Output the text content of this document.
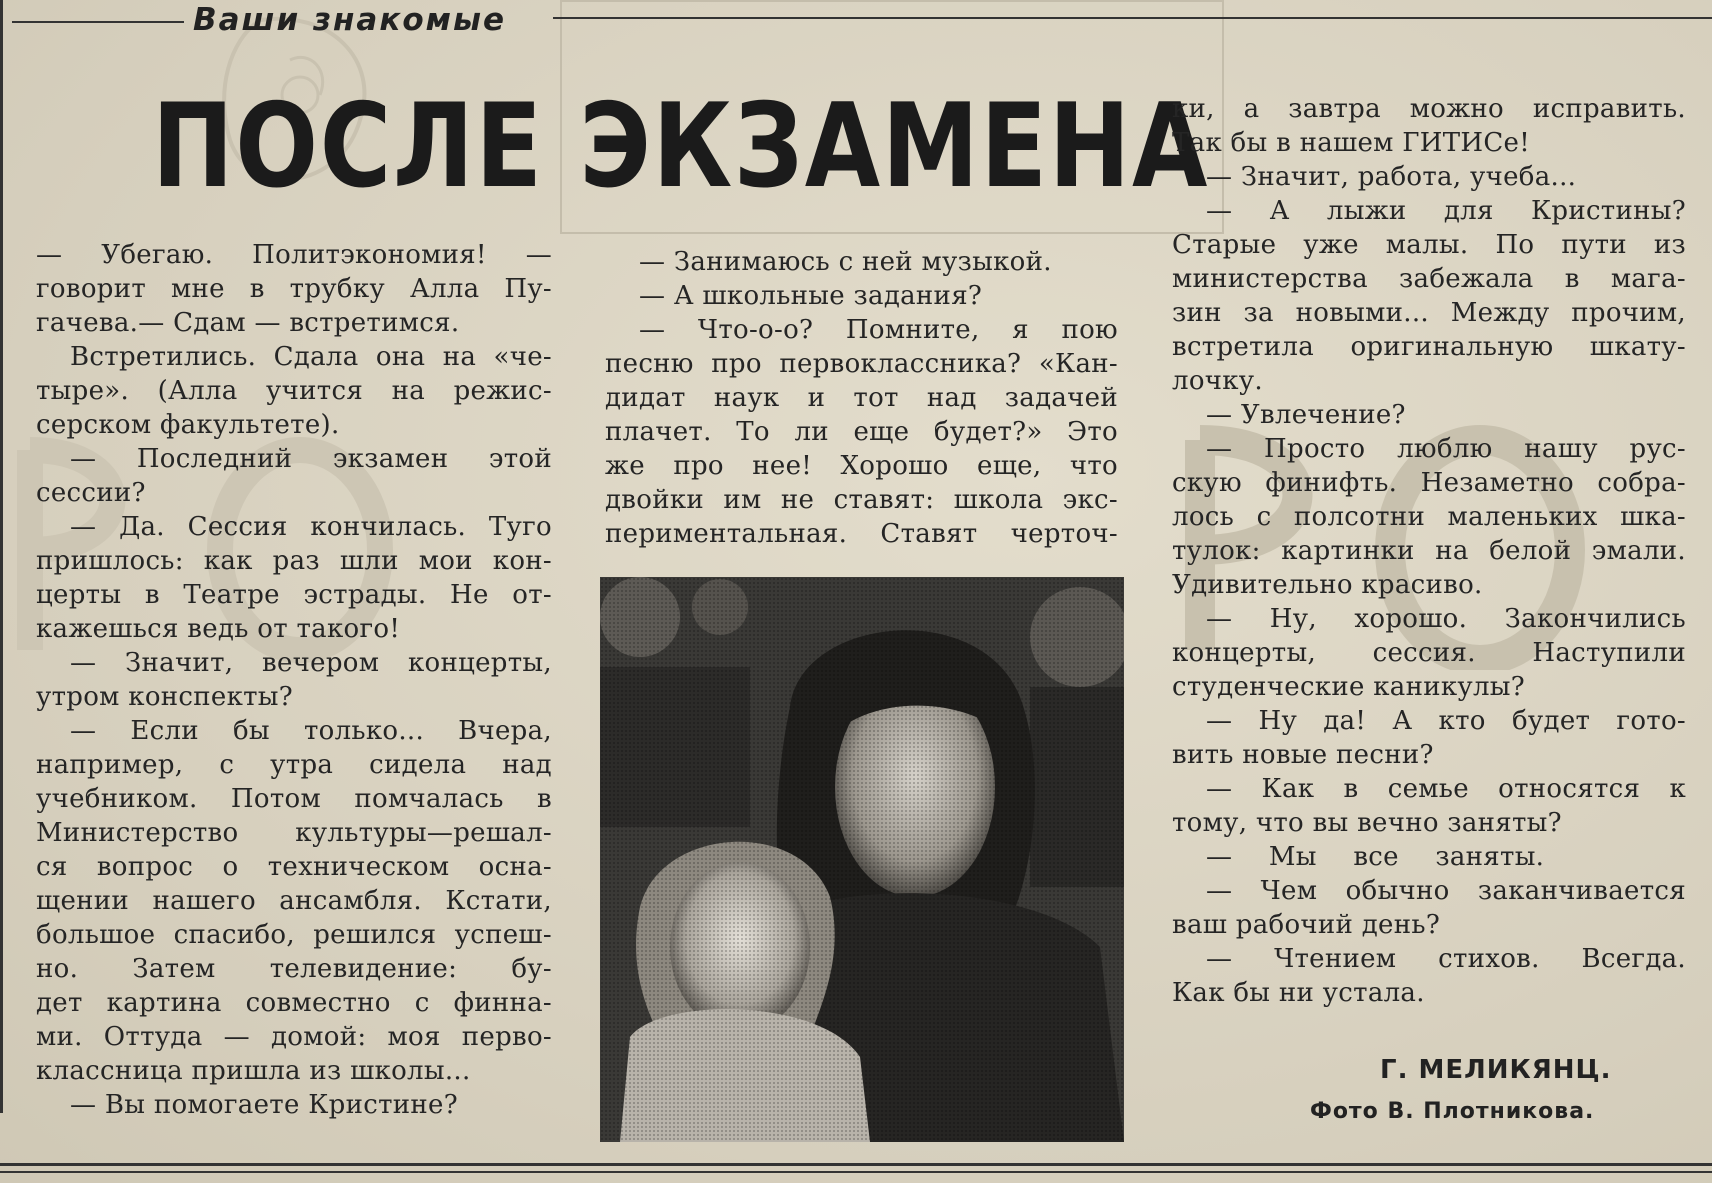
Ваши знакомые
ПОСЛЕ ЭКЗАМЕНА

— Убегаю. Политэкономия! —

говорит мне в трубку Алла Пу-

гачева.— Сдам — встретимся.

Встретились. Сдала она на «че-

тыре». (Алла учится на режис-

серском факультете).

— Последний экзамен этой

сессии?

— Да. Сессия кончилась. Туго

пришлось: как раз шли мои кон-

церты в Театре эстрады. Не от-

кажешься ведь от такого!

— Значит, вечером концерты,

утром конспекты?

— Если бы только... Вчера,

например, с утра сидела над

учебником. Потом помчалась в

Министерство культуры—решал-

ся вопрос о техническом осна-

щении нашего ансамбля. Кстати,

большое спасибо, решился успеш-

но. Затем телевидение: бу-

дет картина совместно с финна-

ми. Оттуда — домой: моя перво-

классница пришла из школы...

— Вы помогаете Кристине?

— Занимаюсь с ней музыкой.

— А школьные задания?

— Что-о-о? Помните, я пою

песню про первоклассника? «Кан-

дидат наук и тот над задачей

плачет. То ли еще будет?» Это

же про нее! Хорошо еще, что

двойки им не ставят: школа экс-

периментальная. Ставят черточ-

ки, а завтра можно исправить.

Так бы в нашем ГИТИСе!

— Значит, работа, учеба...

— А лыжи для Кристины?

Старые уже малы. По пути из

министерства забежала в мага-

зин за новыми... Между прочим,

встретила оригинальную шкату-

лочку.

— Увлечение?

— Просто люблю нашу рус-

скую финифть. Незаметно собра-

лось с полсотни маленьких шка-

тулок: картинки на белой эмали.

Удивительно красиво.

— Ну, хорошо. Закончились

концерты, сессия. Наступили

студенческие каникулы?

— Ну да! А кто будет гото-

вить новые песни?

— Как в семье относятся к

тому, что вы вечно заняты?

— Мы все заняты.

— Чем обычно заканчивается

ваш рабочий день?

— Чтением стихов. Всегда.

Как бы ни устала.

Г. МЕЛИКЯНЦ.
Фото В. Плотникова.
